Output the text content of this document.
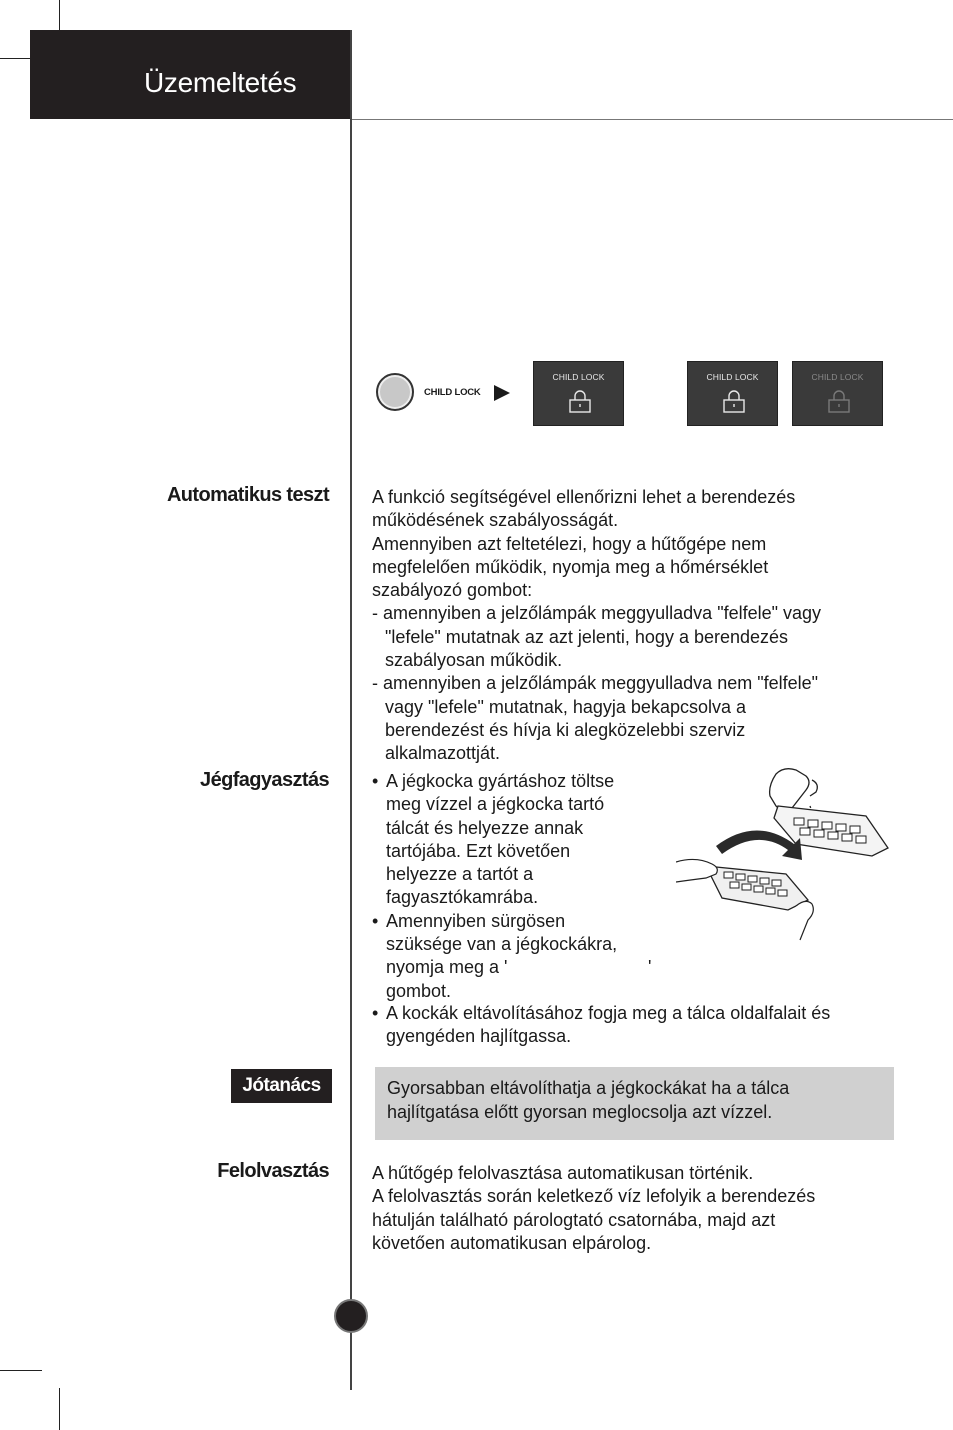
Üzemeltetés
CHILD LOCK
CHILD LOCK	CHILD LOCK	CHILD LOCK
Automatikus teszt A funkció segítségével ellenőrizni lehet a berendezés

működésének szabályosságát.

Amennyiben azt feltetélezi, hogy a hűtőgépe nem

megfelelően működik, nyomja meg a hőmérséklet

szabályozó gombot:

- amennyiben a jelzőlámpák meggyulladva "felfele" vagy

"lefele" mutatnak az azt jelenti, hogy a berendezés

szabályosan működik.

- amennyiben a jelzőlámpák meggyulladva nem "felfele"

vagy "lefele" mutatnak, hagyja bekapcsolva a

berendezést és hívja ki alegközelebbi szerviz

alkalmazottját.

Jégfagyasztás • A jégkocka gyártáshoz töltse

meg vízzel a jégkocka tartó

tálcát és helyezze annak

tartójába. Ezt követően

helyezze a tartót a

fagyasztókamrába.

• Amennyiben sürgösen

szüksége van a jégkockákra,

nyomja meg a '	'

gombot.

• A kockák eltávolításához fogja meg a tálca oldalfalait és

gyengéden hajlítgassa.

Jótanács	Gyorsabban eltávolíthatja a jégkockákat ha a tálca
hajlítgatása előtt gyorsan meglocsolja azt vízzel.
Felolvasztás A hűtőgép felolvasztása automatikusan történik.

A felolvasztás során keletkező víz lefolyik a berendezés

hátulján található párologtató csatornába, majd azt

követően automatikusan elpárolog.
